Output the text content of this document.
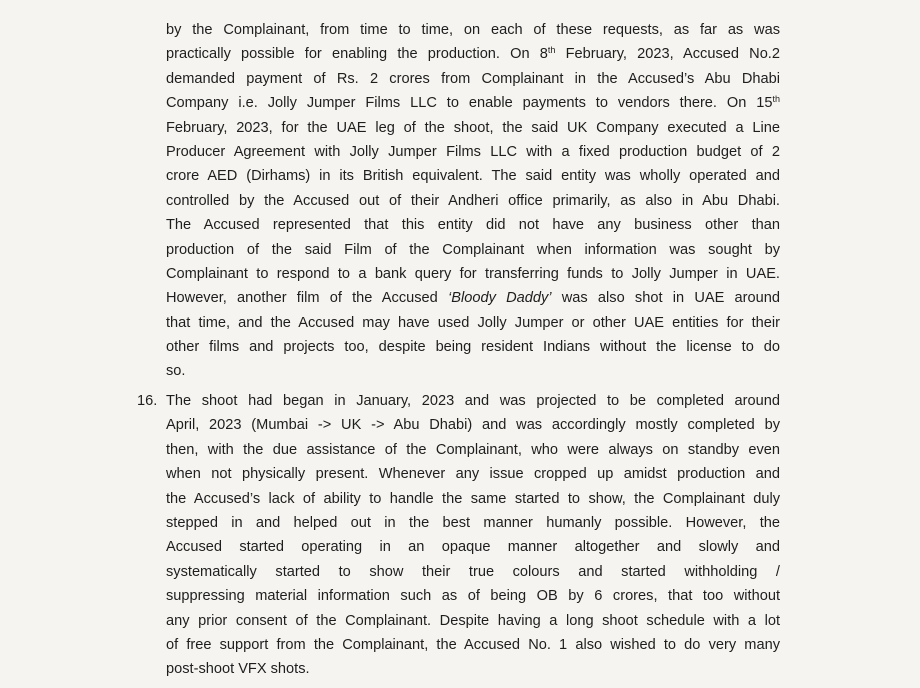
by the Complainant, from time to time, on each of these requests, as far as was
practically possible for enabling the production. On 8th February, 2023, Accused No.2
demanded payment of Rs. 2 crores from Complainant in the Accused’s Abu Dhabi
Company i.e. Jolly Jumper Films LLC to enable payments to vendors there. On 15th
February, 2023, for the UAE leg of the shoot, the said UK Company executed a Line
Producer Agreement with Jolly Jumper Films LLC with a fixed production budget of 2
crore AED (Dirhams) in its British equivalent. The said entity was wholly operated and
controlled by the Accused out of their Andheri office primarily, as also in Abu Dhabi.
The Accused represented that this entity did not have any business other than
production of the said Film of the Complainant when information was sought by
Complainant to respond to a bank query for transferring funds to Jolly Jumper in UAE.
However, another film of the Accused ‘Bloody Daddy’ was also shot in UAE around
that time, and the Accused may have used Jolly Jumper or other UAE entities for their
other films and projects too, despite being resident Indians without the license to do
so.
16. The shoot had began in January, 2023 and was projected to be completed around
April, 2023 (Mumbai -> UK -> Abu Dhabi) and was accordingly mostly completed by
then, with the due assistance of the Complainant, who were always on standby even
when not physically present. Whenever any issue cropped up amidst production and
the Accused’s lack of ability to handle the same started to show, the Complainant duly
stepped in and helped out in the best manner humanly possible. However, the
Accused started operating in an opaque manner altogether and slowly and
systematically started to show their true colours and started withholding /
suppressing material information such as of being OB by 6 crores, that too without
any prior consent of the Complainant. Despite having a long shoot schedule with a lot
of free support from the Complainant, the Accused No. 1 also wished to do very many
post-shoot VFX shots.
